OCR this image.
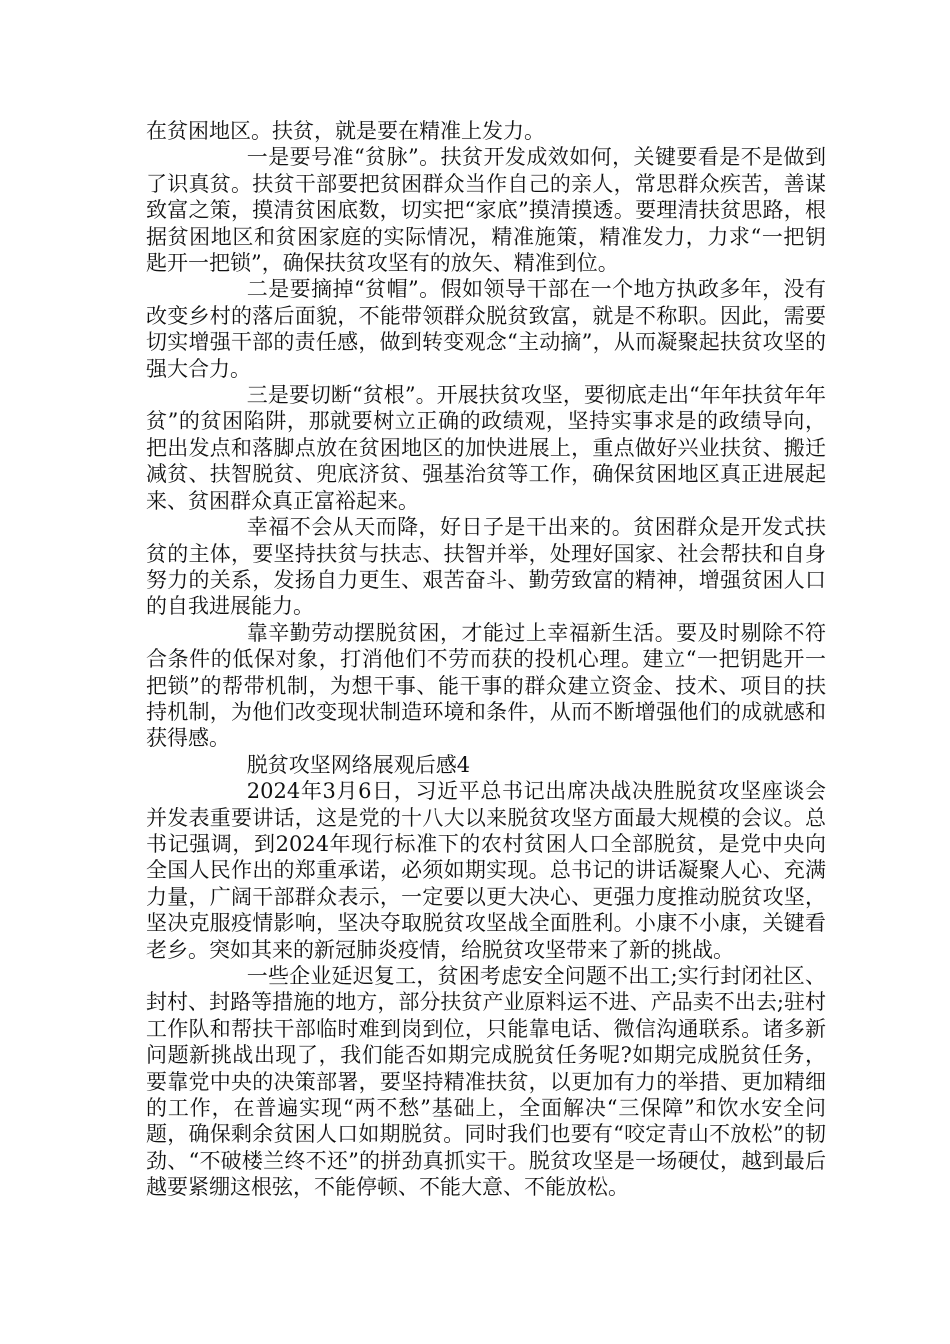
在贫困地区。扶贫，就是要在精准上发力。

一是要号准“贫脉”。扶贫开发成效如何，关键要看是不是做到了识真贫。扶贫干部要把贫困群众当作自己的亲人，常思群众疾苦，善谋致富之策，摸清贫困底数，切实把“家底”摸清摸透。要理清扶贫思路，根据贫困地区和贫困家庭的实际情况，精准施策，精准发力，力求“一把钥匙开一把锁”，确保扶贫攻坚有的放矢、精准到位。

二是要摘掉“贫帽”。假如领导干部在一个地方执政多年，没有改变乡村的落后面貌，不能带领群众脱贫致富，就是不称职。因此，需要切实增强干部的责任感，做到转变观念“主动摘”，从而凝聚起扶贫攻坚的强大合力。

三是要切断“贫根”。开展扶贫攻坚，要彻底走出“年年扶贫年年贫”的贫困陷阱，那就要树立正确的政绩观，坚持实事求是的政绩导向，把出发点和落脚点放在贫困地区的加快进展上，重点做好兴业扶贫、搬迁减贫、扶智脱贫、兜底济贫、强基治贫等工作，确保贫困地区真正进展起来、贫困群众真正富裕起来。

幸福不会从天而降，好日子是干出来的。贫困群众是开发式扶贫的主体，要坚持扶贫与扶志、扶智并举，处理好国家、社会帮扶和自身努力的关系，发扬自力更生、艰苦奋斗、勤劳致富的精神，增强贫困人口的自我进展能力。

靠辛勤劳动摆脱贫困，才能过上幸福新生活。要及时剔除不符合条件的低保对象，打消他们不劳而获的投机心理。建立“一把钥匙开一把锁”的帮带机制，为想干事、能干事的群众建立资金、技术、项目的扶持机制，为他们改变现状制造环境和条件，从而不断增强他们的成就感和获得感。

脱贫攻坚网络展观后感4

2024年3月6日，习近平总书记出席决战决胜脱贫攻坚座谈会并发表重要讲话，这是党的十八大以来脱贫攻坚方面最大规模的会议。总书记强调，到2024年现行标准下的农村贫困人口全部脱贫，是党中央向全国人民作出的郑重承诺，必须如期实现。总书记的讲话凝聚人心、充满力量，广阔干部群众表示，一定要以更大决心、更强力度推动脱贫攻坚，坚决克服疫情影响，坚决夺取脱贫攻坚战全面胜利。小康不小康，关键看老乡。突如其来的新冠肺炎疫情，给脱贫攻坚带来了新的挑战。

一些企业延迟复工，贫困考虑安全问题不出工;实行封闭社区、封村、封路等措施的地方，部分扶贫产业原料运不进、产品卖不出去;驻村工作队和帮扶干部临时难到岗到位，只能靠电话、微信沟通联系。诸多新问题新挑战出现了，我们能否如期完成脱贫任务呢?如期完成脱贫任务，要靠党中央的决策部署，要坚持精准扶贫，以更加有力的举措、更加精细的工作，在普遍实现“两不愁”基础上，全面解决“三保障”和饮水安全问题，确保剩余贫困人口如期脱贫。同时我们也要有“咬定青山不放松”的韧劲、“不破楼兰终不还”的拼劲真抓实干。脱贫攻坚是一场硬仗，越到最后越要紧绷这根弦，不能停顿、不能大意、不能放松。
